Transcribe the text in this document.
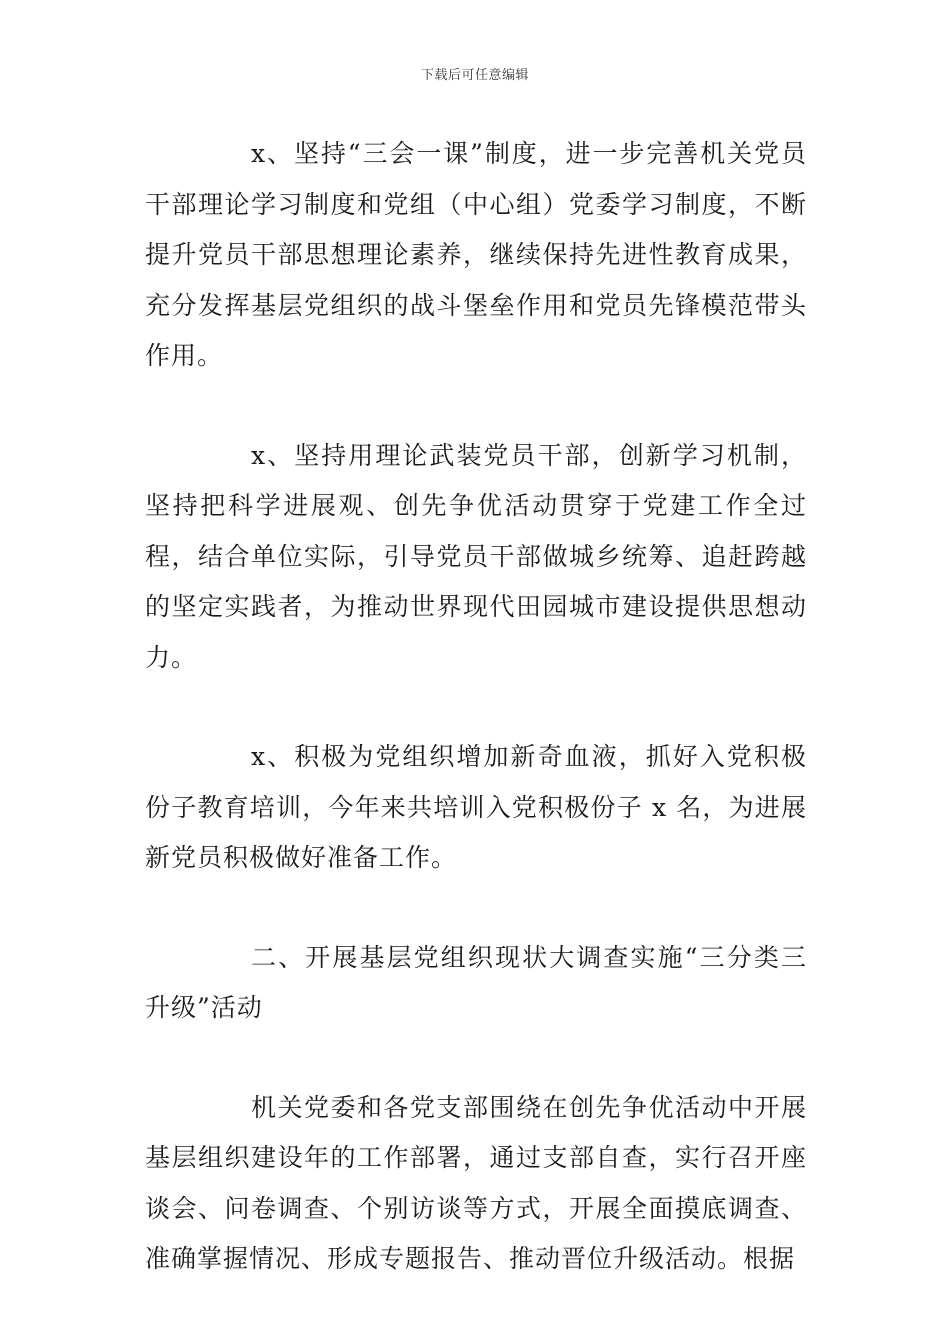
下载后可任意编辑

x、坚持“三会一课”制度，进一步完善机关党员干部理论学习制度和党组（中心组）党委学习制度，不断提升党员干部思想理论素养，继续保持先进性教育成果，充分发挥基层党组织的战斗堡垒作用和党员先锋模范带头作用。

x、坚持用理论武装党员干部，创新学习机制，坚持把科学进展观、创先争优活动贯穿于党建工作全过程，结合单位实际，引导党员干部做城乡统筹、追赶跨越的坚定实践者，为推动世界现代田园城市建设提供思想动力。

x、积极为党组织增加新奇血液，抓好入党积极份子教育培训，今年来共培训入党积极份子 x 名，为进展新党员积极做好准备工作。

二、开展基层党组织现状大调查实施“三分类三升级”活动

机关党委和各党支部围绕在创先争优活动中开展基层组织建设年的工作部署，通过支部自查，实行召开座谈会、问卷调查、个别访谈等方式，开展全面摸底调查、准确掌握情况、形成专题报告、推动晋位升级活动。根据
